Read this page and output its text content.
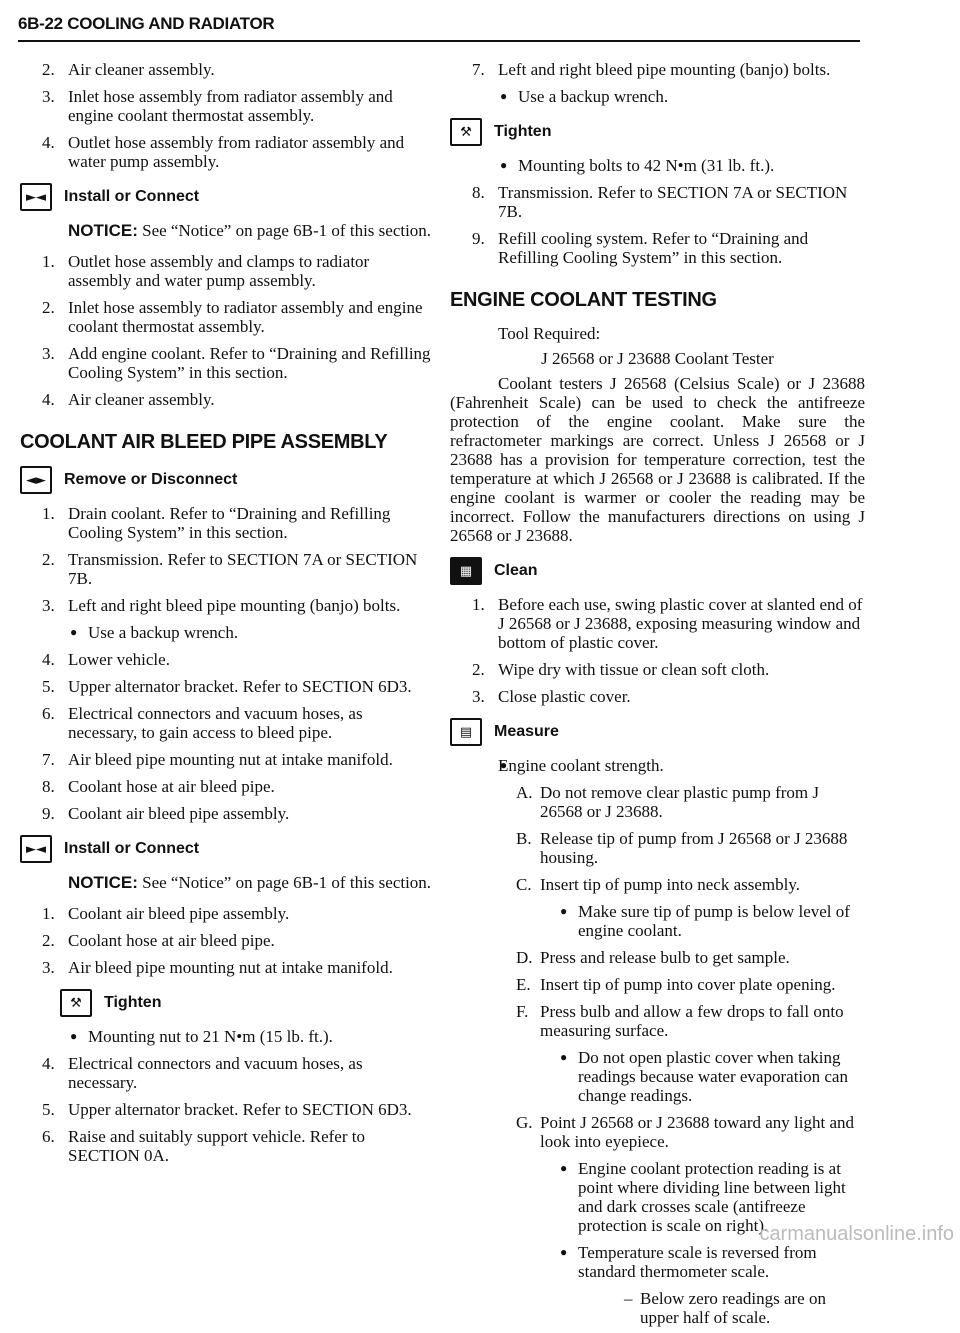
6B-22 COOLING AND RADIATOR
2. Air cleaner assembly.
3. Inlet hose assembly from radiator assembly and engine coolant thermostat assembly.
4. Outlet hose assembly from radiator assembly and water pump assembly.
►◄	Install or Connect
NOTICE: See “Notice” on page 6B-1 of this section.
1. Outlet hose assembly and clamps to radiator assembly and water pump assembly.
2. Inlet hose assembly to radiator assembly and engine coolant thermostat assembly.
3. Add engine coolant. Refer to “Draining and Refilling Cooling System” in this section.
4. Air cleaner assembly.
COOLANT AIR BLEED PIPE ASSEMBLY
◄►	Remove or Disconnect
1. Drain coolant. Refer to “Draining and Refilling Cooling System” in this section.
2. Transmission. Refer to SECTION 7A or SECTION 7B.
3. Left and right bleed pipe mounting (banjo) bolts.
● Use a backup wrench.
4. Lower vehicle.
5. Upper alternator bracket. Refer to SECTION 6D3.
6. Electrical connectors and vacuum hoses, as necessary, to gain access to bleed pipe.
7. Air bleed pipe mounting nut at intake manifold.
8. Coolant hose at air bleed pipe.
9. Coolant air bleed pipe assembly.
►◄	Install or Connect
NOTICE: See “Notice” on page 6B-1 of this section.
1. Coolant air bleed pipe assembly.
2. Coolant hose at air bleed pipe.
3. Air bleed pipe mounting nut at intake manifold.
⚒	Tighten
● Mounting nut to 21 N•m (15 lb. ft.).
4. Electrical connectors and vacuum hoses, as necessary.
5. Upper alternator bracket. Refer to SECTION 6D3.
6. Raise and suitably support vehicle. Refer to SECTION 0A.
7. Left and right bleed pipe mounting (banjo) bolts.
● Use a backup wrench.
⚒	Tighten
● Mounting bolts to 42 N•m (31 lb. ft.).
8. Transmission. Refer to SECTION 7A or SECTION 7B.
9. Refill cooling system. Refer to “Draining and Refilling Cooling System” in this section.
ENGINE COOLANT TESTING
Tool Required:
J 26568 or J 23688 Coolant Tester
Coolant testers J 26568 (Celsius Scale) or J 23688 (Fahrenheit Scale) can be used to check the antifreeze protection of the engine coolant. Make sure the refractometer markings are correct. Unless J 26568 or J 23688 has a provision for temperature correction, test the temperature at which J 26568 or J 23688 is calibrated. If the engine coolant is warmer or cooler the reading may be incorrect. Follow the manufacturers directions on using J 26568 or J 23688.
▦	Clean
1. Before each use, swing plastic cover at slanted end of J 26568 or J 23688, exposing measuring window and bottom of plastic cover.
2. Wipe dry with tissue or clean soft cloth.
3. Close plastic cover.
▤	Measure
● Engine coolant strength.
A. Do not remove clear plastic pump from J 26568 or J 23688.
B. Release tip of pump from J 26568 or J 23688 housing.
C. Insert tip of pump into neck assembly.
● Make sure tip of pump is below level of engine coolant.
D. Press and release bulb to get sample.
E. Insert tip of pump into cover plate opening.
F. Press bulb and allow a few drops to fall onto measuring surface.
● Do not open plastic cover when taking readings because water evaporation can change readings.
G. Point J 26568 or J 23688 toward any light and look into eyepiece.
● Engine coolant protection reading is at point where dividing line between light and dark crosses scale (antifreeze protection is scale on right).
● Temperature scale is reversed from standard thermometer scale.
– Below zero readings are on upper half of scale.
carmanualsonline.info
